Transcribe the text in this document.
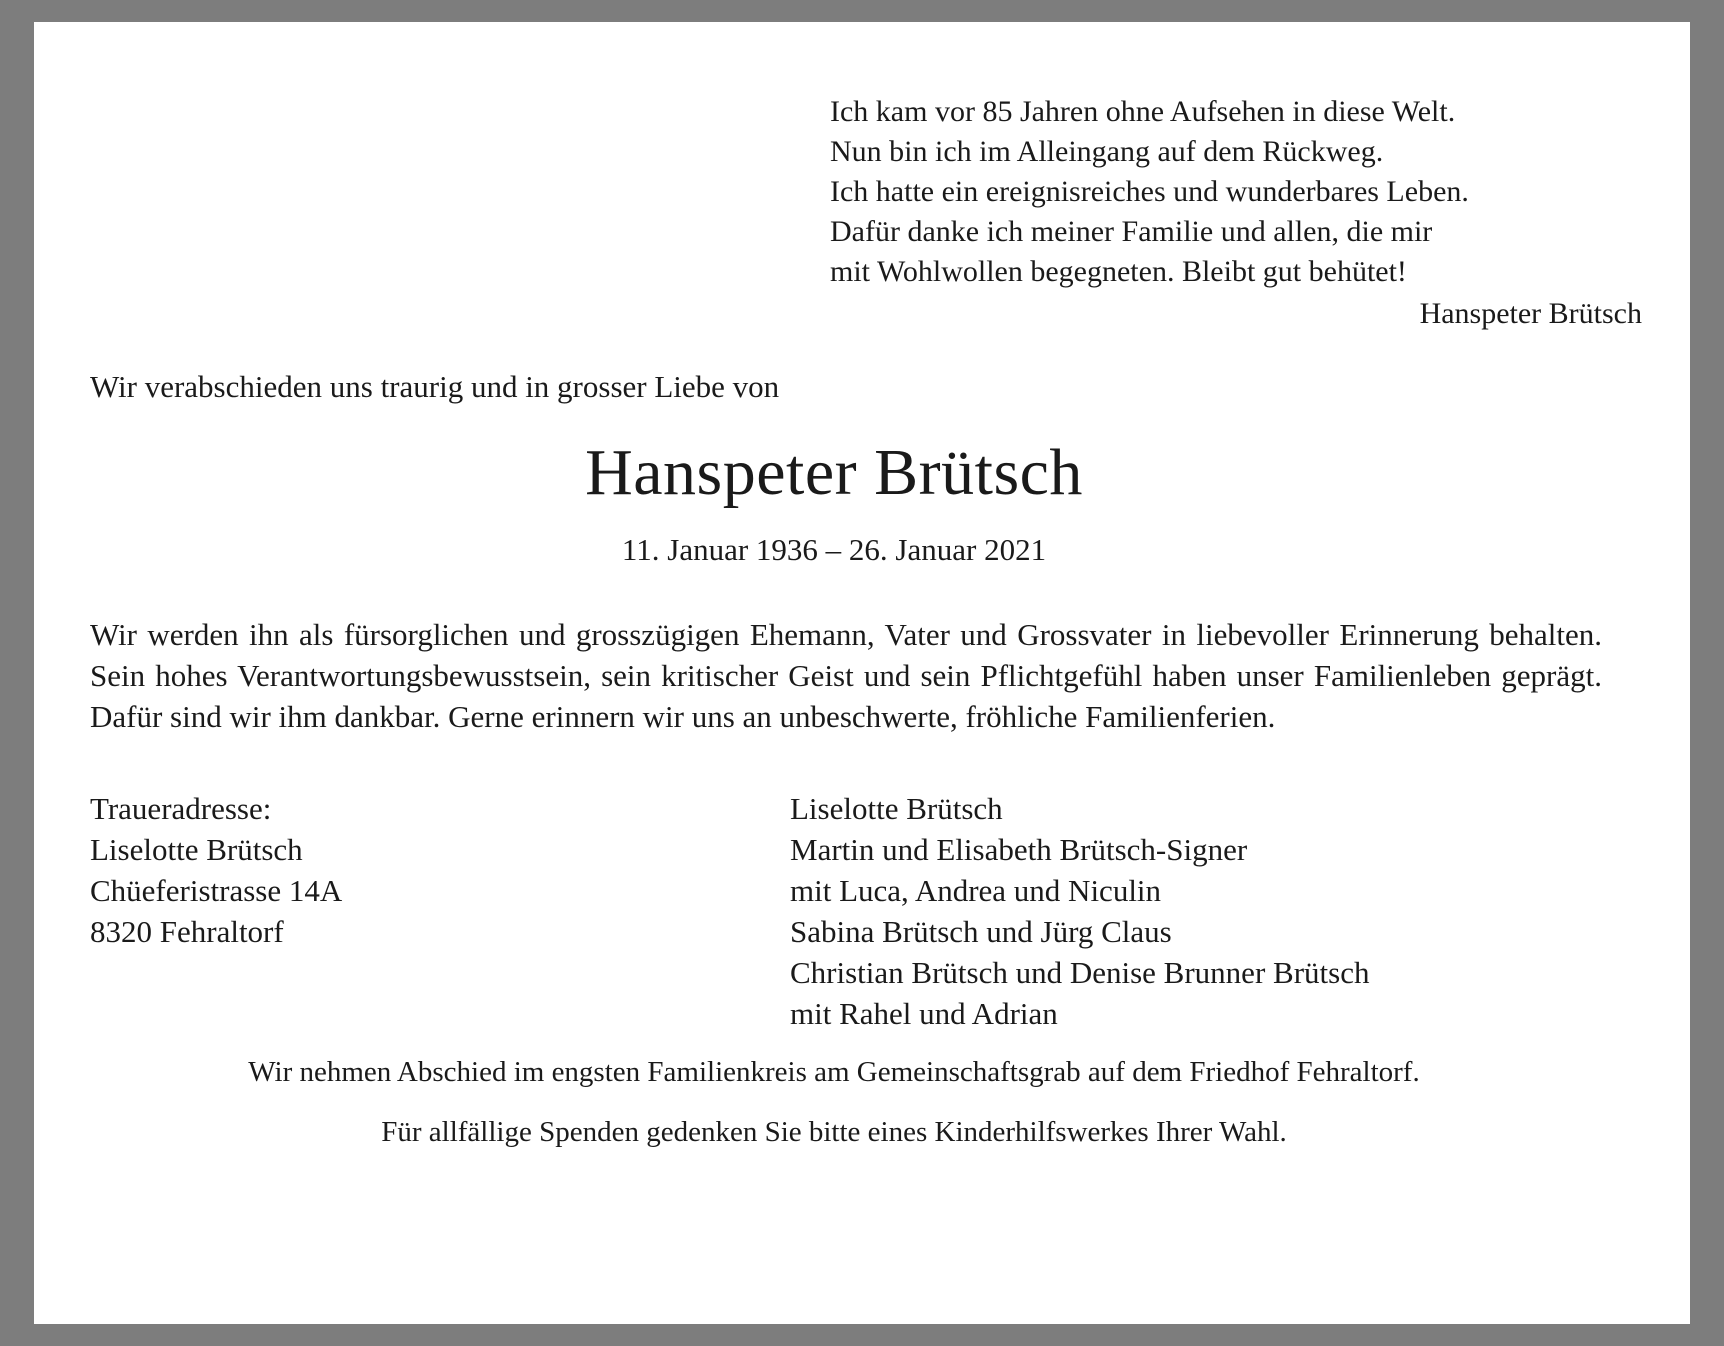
Ich kam vor 85 Jahren ohne Aufsehen in diese Welt.
Nun bin ich im Alleingang auf dem Rückweg.
Ich hatte ein ereignisreiches und wunderbares Leben.
Dafür danke ich meiner Familie und allen, die mir
mit Wohlwollen begegneten. Bleibt gut behütet!
Hanspeter Brütsch
Wir verabschieden uns traurig und in grosser Liebe von
Hanspeter Brütsch
11. Januar 1936 – 26. Januar 2021

Wir werden ihn als fürsorglichen und grosszügigen Ehemann, Vater und Grossvater in liebevoller Erinnerung behalten. Sein hohes Verantwortungsbewusstsein, sein kritischer Geist und sein Pflichtgefühl haben unser Familienleben geprägt. Dafür sind wir ihm dankbar. Gerne erinnern wir uns an unbeschwerte, fröhliche Familienferien.

Traueradresse:
Liselotte Brütsch
Chüeferistrasse 14A
8320 Fehraltorf
Liselotte Brütsch
Martin und Elisabeth Brütsch-Signer
mit Luca, Andrea und Niculin
Sabina Brütsch und Jürg Claus
Christian Brütsch und Denise Brunner Brütsch
mit Rahel und Adrian
Wir nehmen Abschied im engsten Familienkreis am Gemeinschaftsgrab auf dem Friedhof Fehraltorf.
Für allfällige Spenden gedenken Sie bitte eines Kinderhilfswerkes Ihrer Wahl.
